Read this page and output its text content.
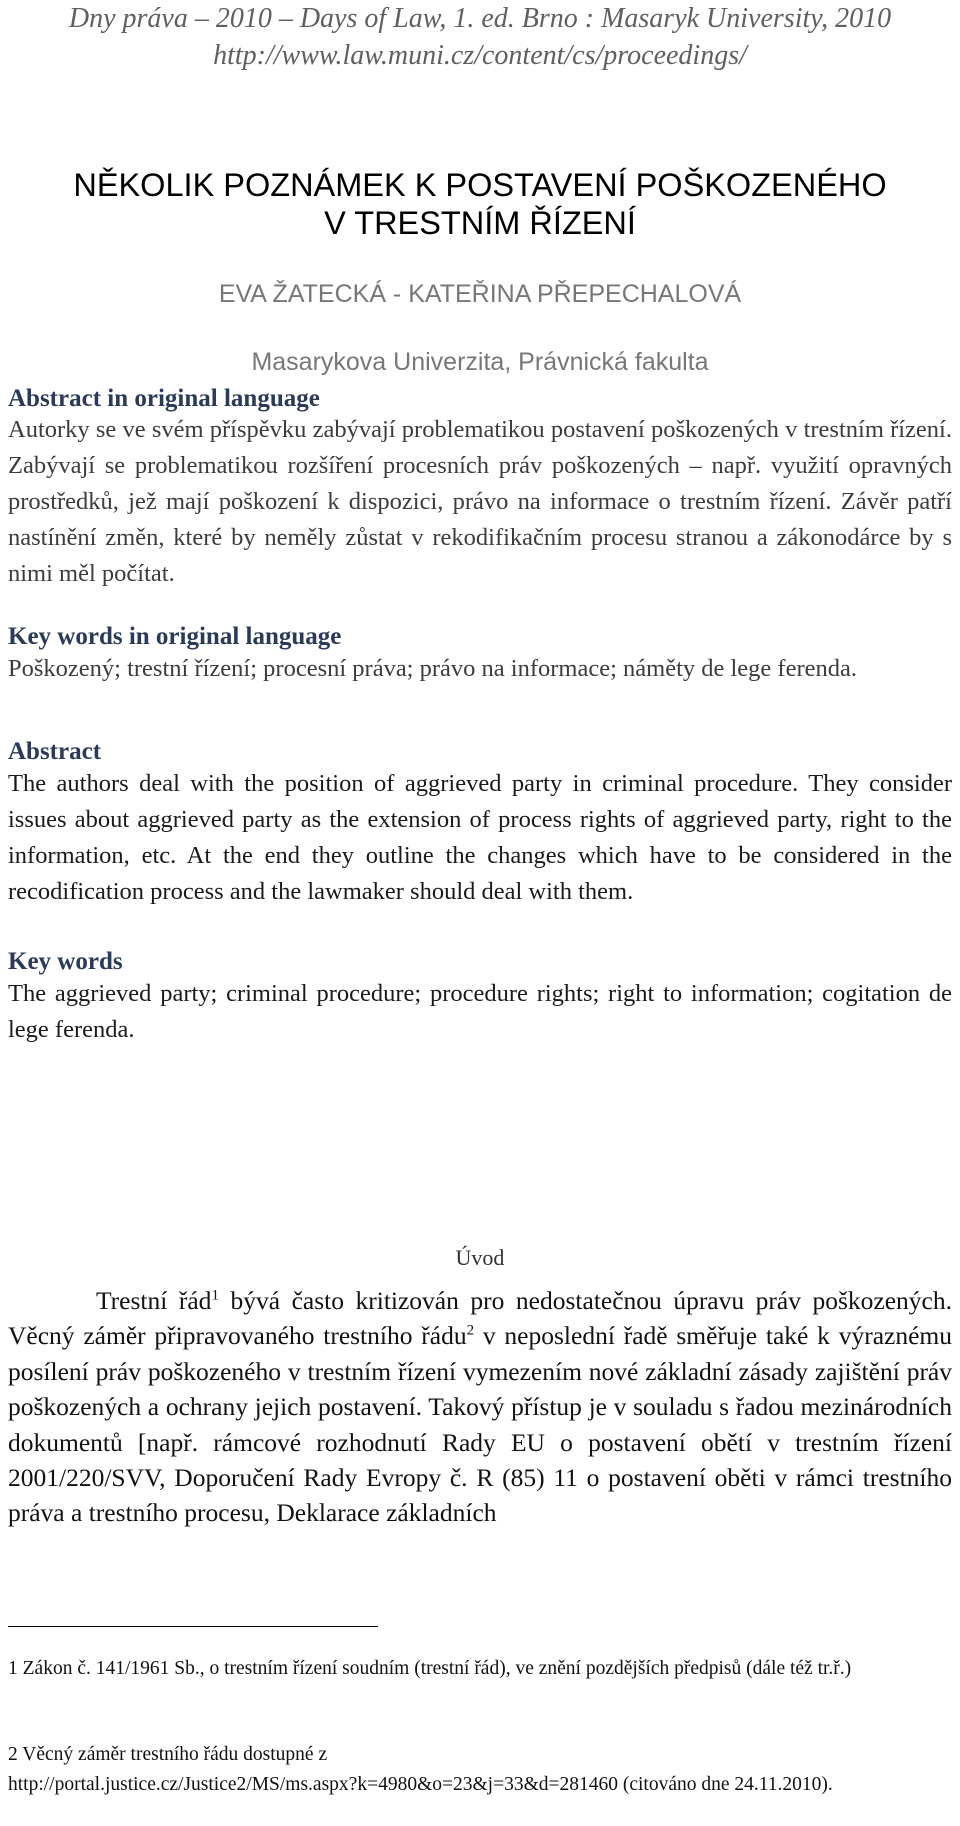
Dny práva – 2010 – Days of Law, 1. ed. Brno : Masaryk University, 2010
http://www.law.muni.cz/content/cs/proceedings/
NĚKOLIK POZNÁMEK K POSTAVENÍ POŠKOZENÉHO
V TRESTNÍM ŘÍZENÍ
EVA ŽATECKÁ - KATEŘINA PŘEPECHALOVÁ
Masarykova Univerzita, Právnická fakulta
Abstract in original language
Autorky se ve svém příspěvku zabývají problematikou postavení poškozených v trestním řízení. Zabývají se problematikou rozšíření procesních práv poškozených – např. využití opravných prostředků, jež mají poškození k dispozici, právo na informace o trestním řízení. Závěr patří nastínění změn, které by neměly zůstat v rekodifikačním procesu stranou a zákonodárce by s nimi měl počítat.
Key words in original language
Poškozený; trestní řízení; procesní práva; právo na informace; náměty de lege ferenda.
Abstract
The authors deal with the position of aggrieved party in criminal procedure. They consider issues about aggrieved party as the extension of process rights of aggrieved party, right to the information, etc. At the end they outline the changes which have to be considered in the recodification process and the lawmaker should deal with them.
Key words
The aggrieved party; criminal procedure; procedure rights; right to information; cogitation de lege ferenda.
Úvod
Trestní řád$^1$ bývá často kritizován pro nedostatečnou úpravu práv poškozených. Věcný záměr připravovaného trestního řádu$^2$ v neposlední řadě směřuje také k výraznému posílení práv poškozeného v trestním řízení vymezením nové základní zásady zajištění práv poškozených a ochrany jejich postavení. Takový přístup je v souladu s řadou mezinárodních dokumentů [např. rámcové rozhodnutí Rady EU o postavení obětí v trestním řízení 2001/220/SVV, Doporučení Rady Evropy č. R (85) 11 o postavení oběti v rámci trestního práva a trestního procesu, Deklarace základních
1 Zákon č. 141/1961 Sb., o trestním řízení soudním (trestní řád), ve znění pozdějších předpisů (dále též tr.ř.)
2 Věcný záměr trestního řádu dostupné z
http://portal.justice.cz/Justice2/MS/ms.aspx?k=4980&o=23&j=33&d=281460 (citováno dne 24.11.2010).
